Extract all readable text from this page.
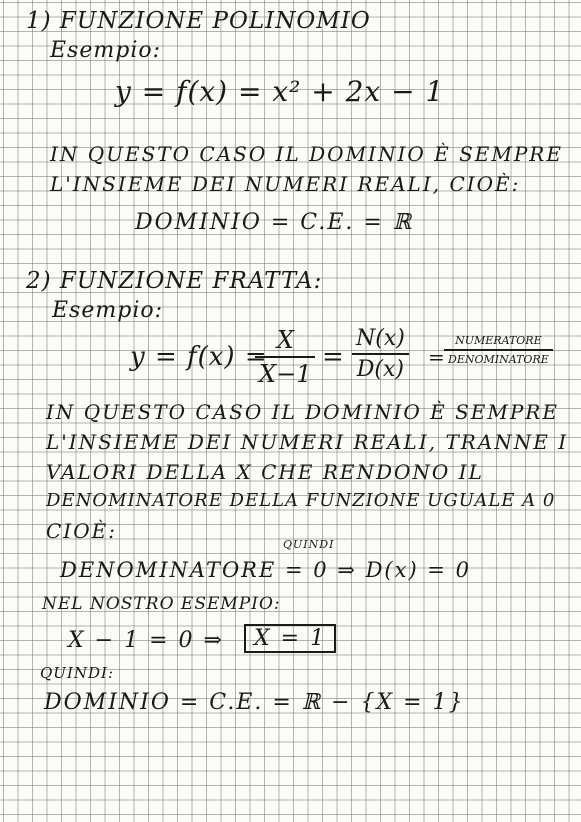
1) FUNZIONE POLINOMIO
Esempio:
y = f(x) = x² + 2x − 1
IN QUESTO CASO IL DOMINIO È SEMPRE
L'INSIEME DEI NUMERI REALI, CIOÈ:
DOMINIO = C.E. = ℝ
2) FUNZIONE FRATTA:
Esempio:
y = f(x) =
X
X−1
=
N(x)
D(x) =
NUMERATORE
DENOMINATORE
IN QUESTO CASO IL DOMINIO È SEMPRE
L'INSIEME DEI NUMERI REALI, TRANNE I
VALORI DELLA X CHE RENDONO IL
DENOMINATORE DELLA FUNZIONE UGUALE A 0
CIOÈ:
QUINDI
DENOMINATORE = 0 ⇒ D(x) = 0
NEL NOSTRO ESEMPIO:
X − 1 = 0 ⇒	X = 1
QUINDI:
DOMINIO = C.E. = ℝ − {X = 1}
